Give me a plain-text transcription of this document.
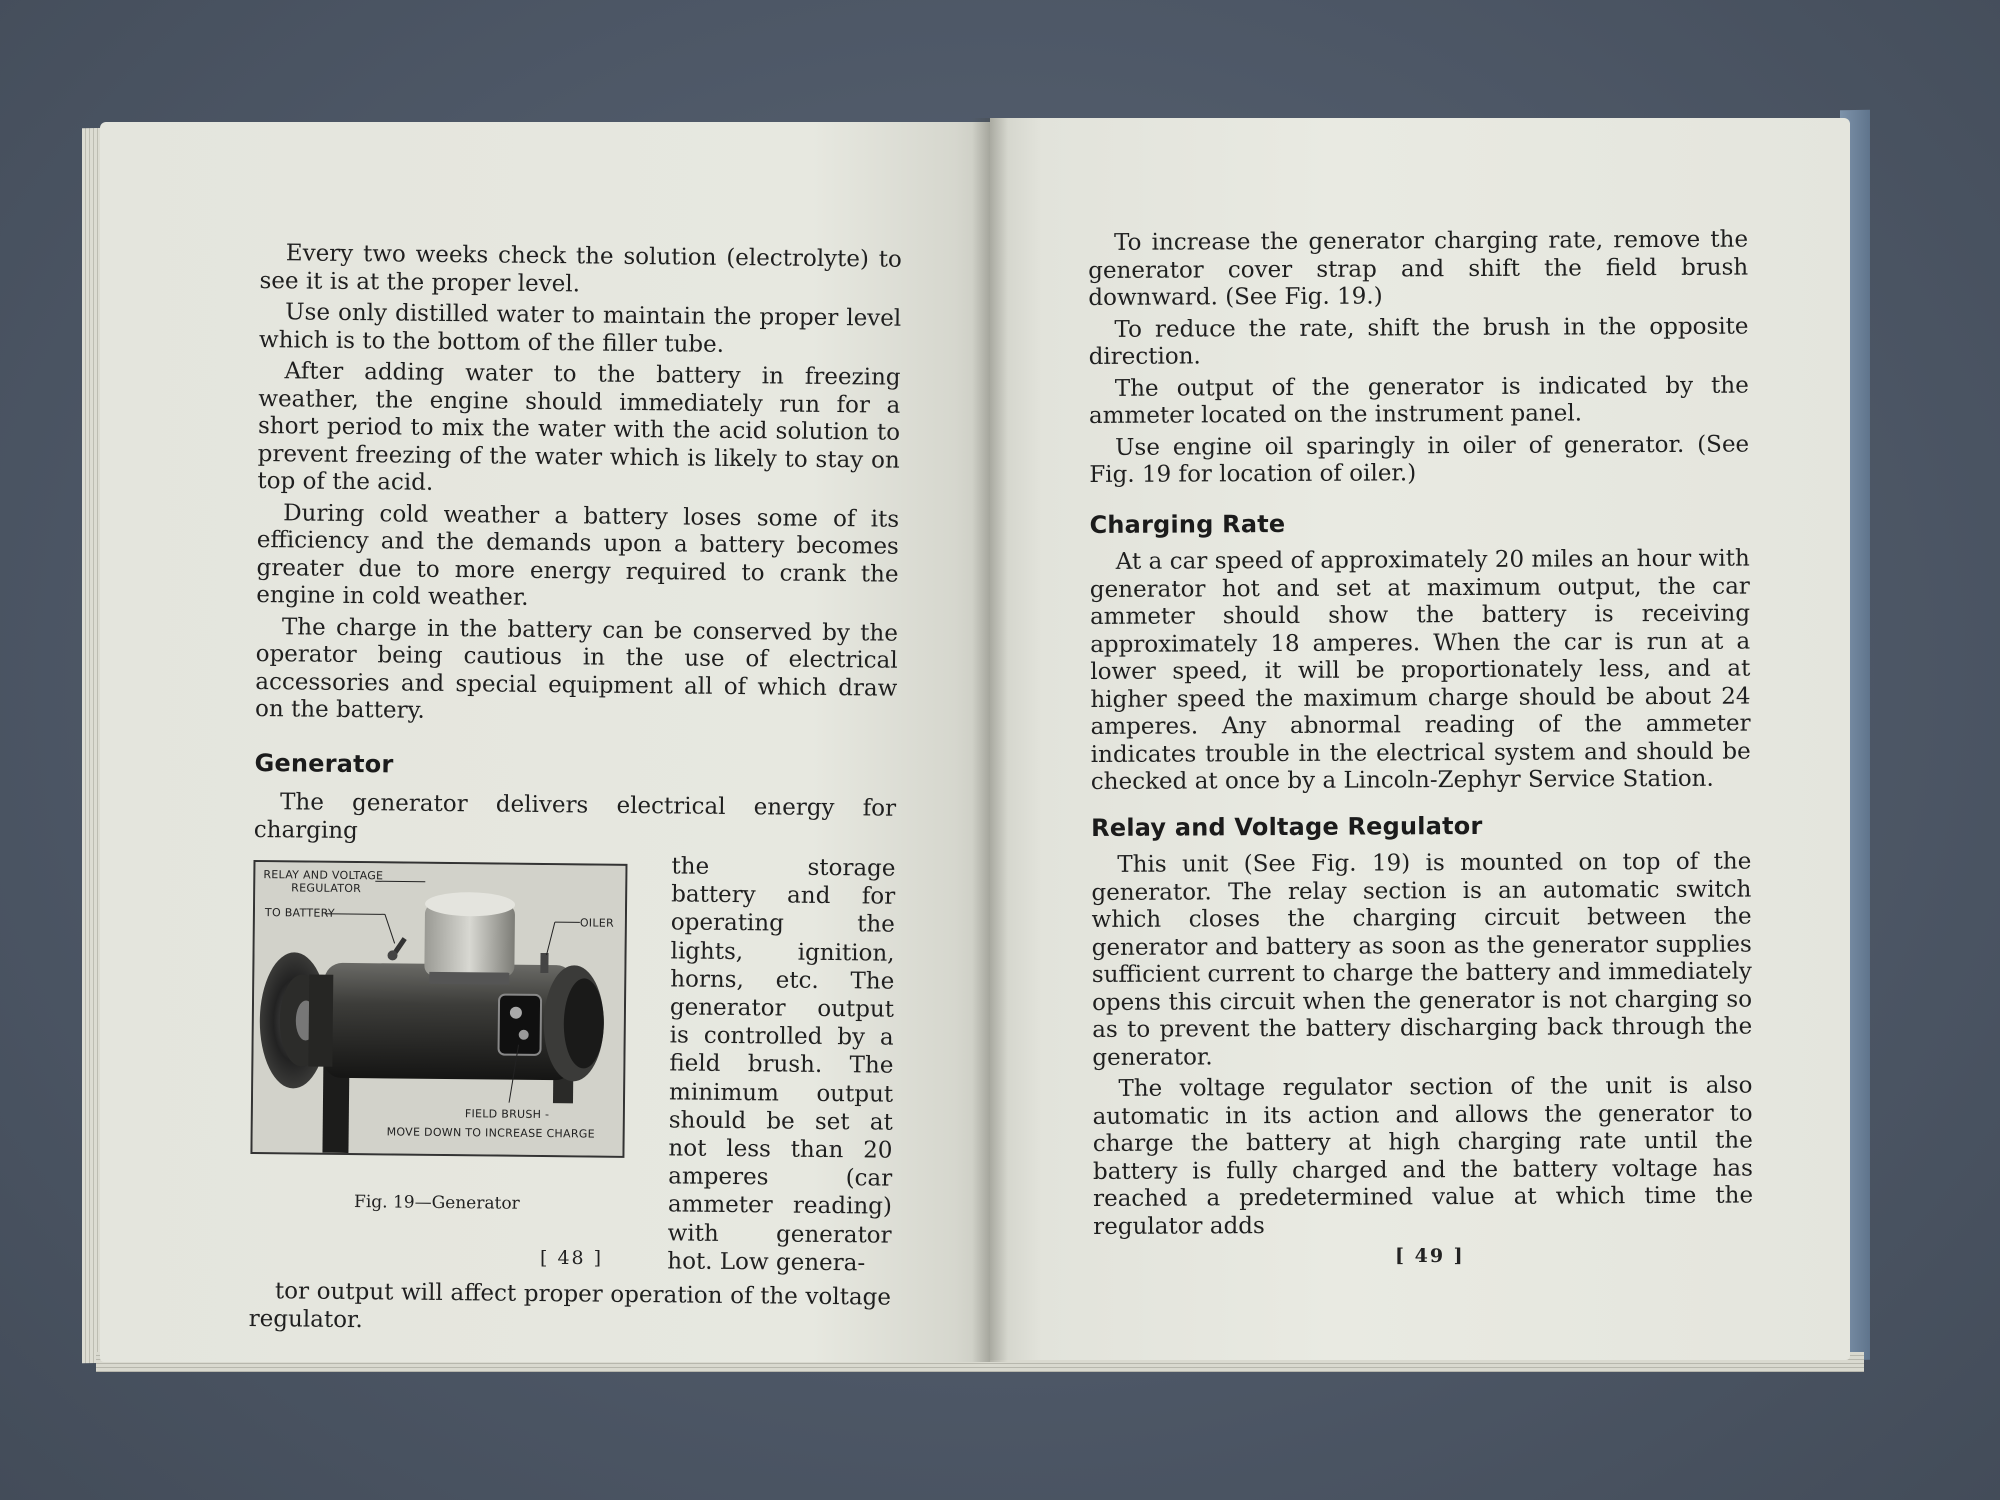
Every two weeks check the solution (electrolyte) to see it is at the proper level.

Use only distilled water to maintain the proper level which is to the bottom of the filler tube.

After adding water to the battery in freezing weather, the engine should immediately run for a short period to mix the water with the acid solution to prevent freezing of the water which is likely to stay on top of the acid.

During cold weather a battery loses some of its efficiency and the demands upon a battery becomes greater due to more energy required to crank the engine in cold weather.

The charge in the battery can be conserved by the operator being cautious in the use of electrical accessories and special equipment all of which draw on the battery.

Generator

The generator delivers electrical energy for charging

RELAY AND VOLTAGE
REGULATOR
TO BATTERY
OILER
FIELD BRUSH -
MOVE DOWN TO INCREASE CHARGE
Fig. 19—Generator
the storage battery and for operating the lights, ignition, horns, etc. The generator output is controlled by a field brush. The minimum output should be set at not less than 20 amperes (car ammeter reading) with generator hot. Low genera-

tor output will affect proper operation of the voltage regulator.

[ 48 ]

To increase the generator charging rate, remove the generator cover strap and shift the field brush downward. (See Fig. 19.)

To reduce the rate, shift the brush in the opposite direction.

The output of the generator is indicated by the ammeter located on the instrument panel.

Use engine oil sparingly in oiler of generator. (See Fig. 19 for location of oiler.)

Charging Rate

At a car speed of approximately 20 miles an hour with generator hot and set at maximum output, the car ammeter should show the battery is receiving approximately 18 amperes. When the car is run at a lower speed, it will be proportionately less, and at higher speed the maximum charge should be about 24 amperes. Any abnormal reading of the ammeter indicates trouble in the electrical system and should be checked at once by a Lincoln-Zephyr Service Station.

Relay and Voltage Regulator

This unit (See Fig. 19) is mounted on top of the generator. The relay section is an automatic switch which closes the charging circuit between the generator and battery as soon as the generator supplies sufficient current to charge the battery and immediately opens this circuit when the generator is not charging so as to prevent the battery discharging back through the generator.

The voltage regulator section of the unit is also automatic in its action and allows the generator to charge the battery at high charging rate until the battery is fully charged and the battery voltage has reached a predetermined value at which time the regulator adds

[ 49 ]
